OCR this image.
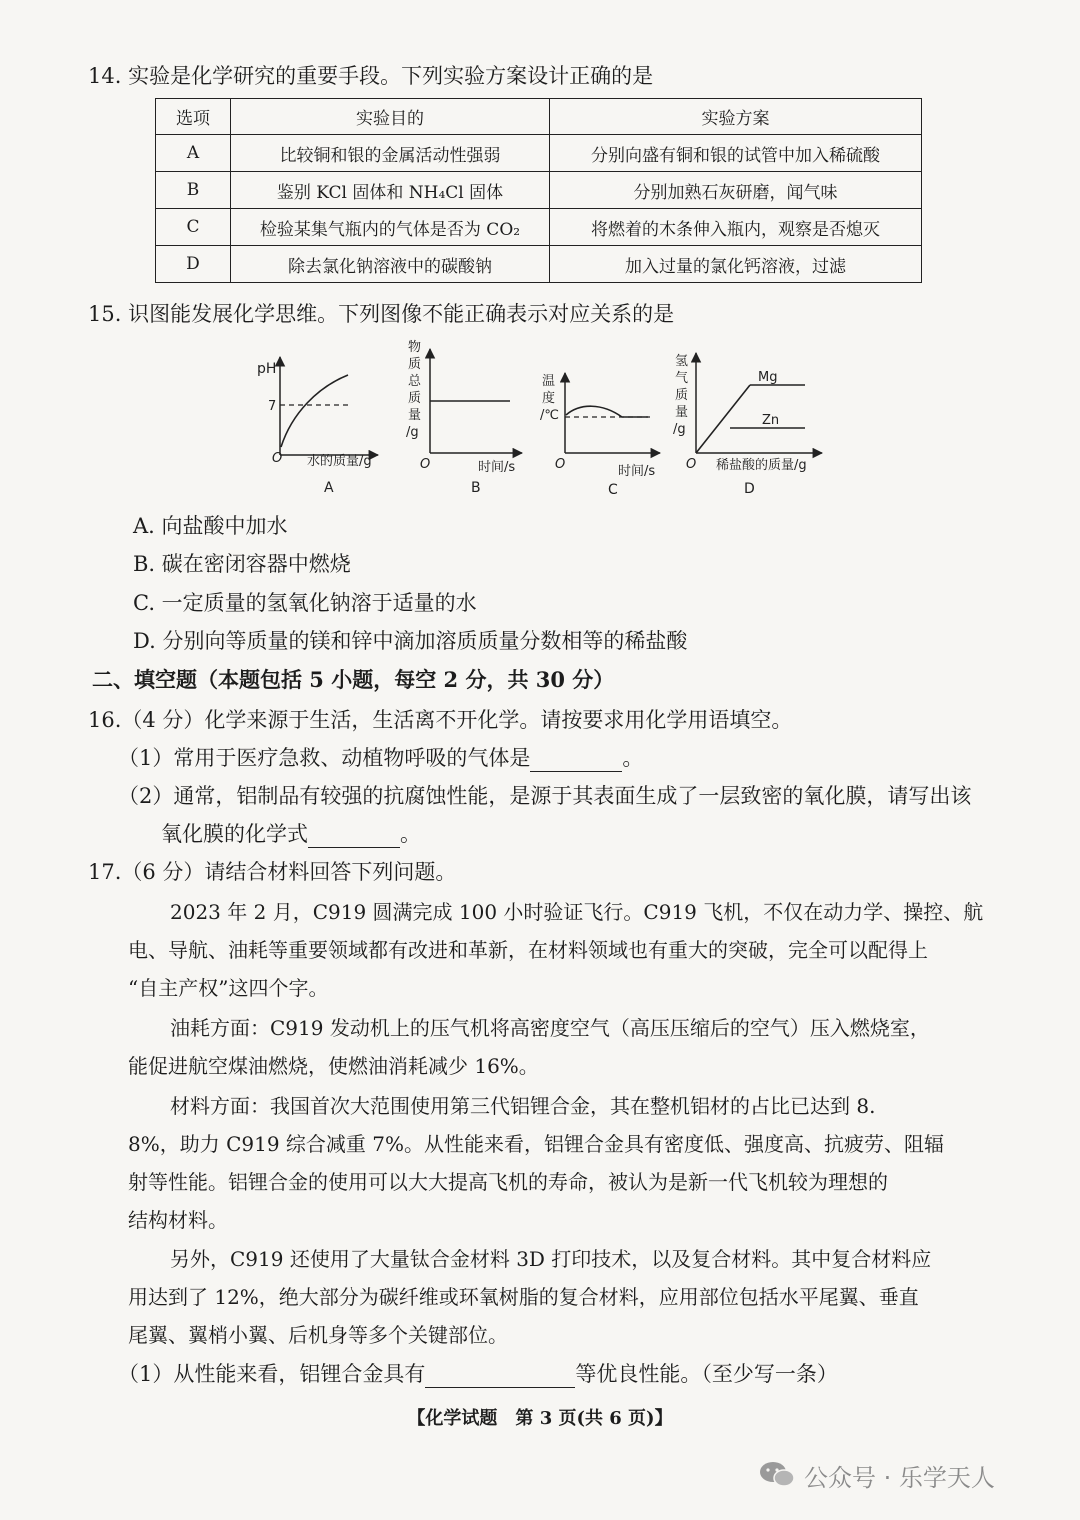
14. 实验是化学研究的重要手段。下列实验方案设计正确的是
选项	实验目的	实验方案
A	比较铜和银的金属活动性强弱	分别向盛有铜和银的试管中加入稀硫酸
B	鉴别 KCl 固体和 NH₄Cl 固体	分别加熟石灰研磨，闻气味
C	检验某集气瓶内的气体是否为 CO₂	将燃着的木条伸入瓶内，观察是否熄灭
D	除去氯化钠溶液中的碳酸钠	加入过量的氯化钙溶液，过滤
15. 识图能发展化学思维。下列图像不能正确表示对应关系的是
pH
7
O 水的质量/g
A
物
质
总
质
量
/g
O	时间/s
B
温
度
/℃
O	时间/s
C
氢
气
质
量
/g
Mg
Zn
O 稀盐酸的质量/g
D
A. 向盐酸中加水
B. 碳在密闭容器中燃烧
C. 一定质量的氢氧化钠溶于适量的水
D. 分别向等质量的镁和锌中滴加溶质质量分数相等的稀盐酸
二、填空题（本题包括 5 小题，每空 2 分，共 30 分）
16.（4 分）化学来源于生活，生活离不开化学。请按要求用化学用语填空。
（1）常用于医疗急救、动植物呼吸的气体是	。
（2）通常，铝制品有较强的抗腐蚀性能，是源于其表面生成了一层致密的氧化膜，请写出该
氧化膜的化学式	。
17.（6 分）请结合材料回答下列问题。
2023 年 2 月，C919 圆满完成 100 小时验证飞行。C919 飞机，不仅在动力学、操控、航
电、导航、油耗等重要领域都有改进和革新，在材料领域也有重大的突破，完全可以配得上
“自主产权”这四个字。
油耗方面：C919 发动机上的压气机将高密度空气（高压压缩后的空气）压入燃烧室，
能促进航空煤油燃烧，使燃油消耗减少 16%。
材料方面：我国首次大范围使用第三代铝锂合金，其在整机铝材的占比已达到 8.
8%，助力 C919 综合减重 7%。从性能来看，铝锂合金具有密度低、强度高、抗疲劳、阻辐
射等性能。铝锂合金的使用可以大大提高飞机的寿命，被认为是新一代飞机较为理想的
结构材料。
另外，C919 还使用了大量钛合金材料 3D 打印技术，以及复合材料。其中复合材料应
用达到了 12%，绝大部分为碳纤维或环氧树脂的复合材料，应用部位包括水平尾翼、垂直
尾翼、翼梢小翼、后机身等多个关键部位。
（1）从性能来看，铝锂合金具有	等优良性能。（至少写一条）
【化学试题　第 3 页(共 6 页)】
公众号 · 乐学天人
